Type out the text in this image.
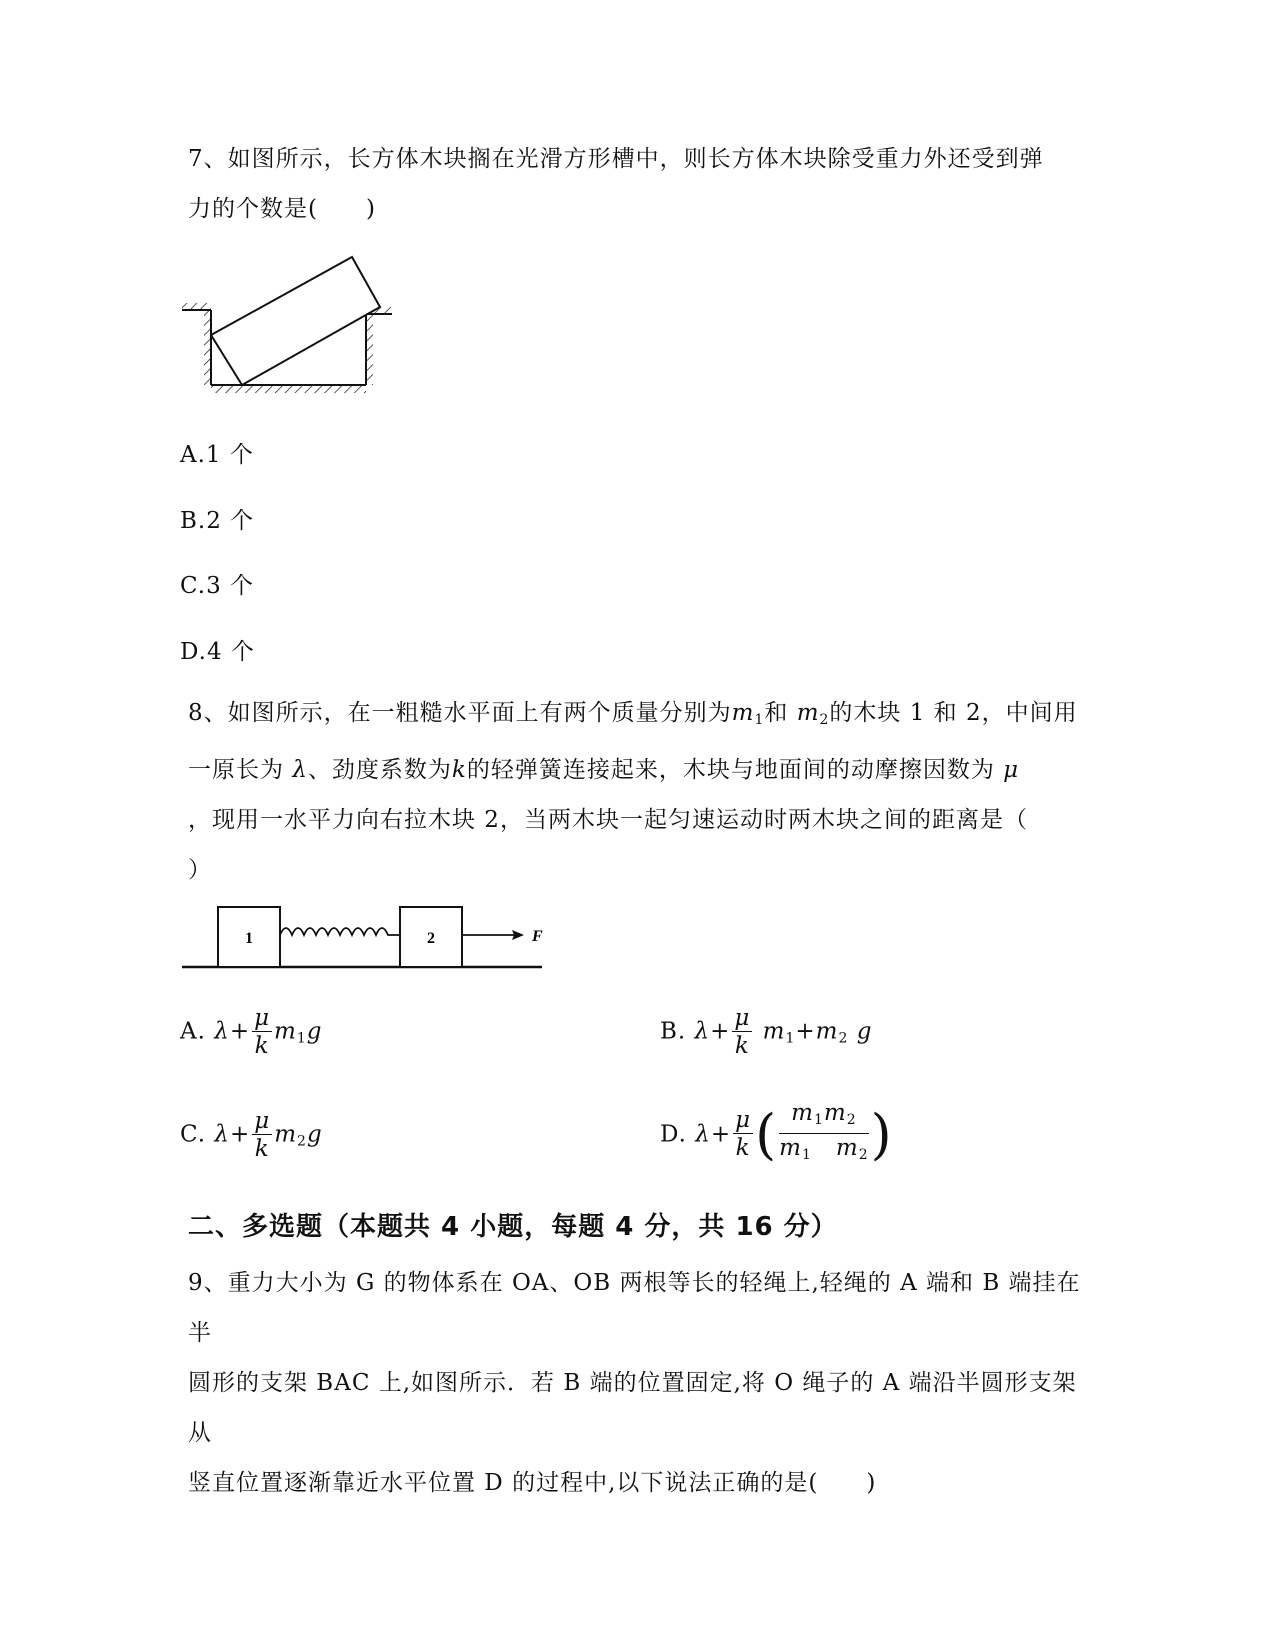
7、如图所示，长方体木块搁在光滑方形槽中，则长方体木块除受重力外还受到弹
力的个数是(　　)
A.1 个
B.2 个
C.3 个
D.4 个
8、如图所示，在一粗糙水平面上有两个质量分别为$m_1$和 $m_2$的木块 1 和 2，中间用
一原长为 λ、劲度系数为k的轻弹簧连接起来，木块与地面间的动摩擦因数为 μ
，现用一水平力向右拉木块 2，当两木块一起匀速运动时两木块之间的距离是（
）
1	2	F
A. $\lambda+ \frac{\mu}{k} m_1g$	B. $\lambda+ \frac{\mu}{k} m_1+m_2$ g
C. $\lambda+ \frac{\mu}{k} m_2g$	D. $\lambda+ \frac{\mu}{k}$ ( $\frac{m_1m_2}{m_1 m_2}$ )
二、多选题（本题共 4 小题，每题 4 分，共 16 分）
9、重力大小为 G 的物体系在 OA、OB 两根等长的轻绳上,轻绳的 A 端和 B 端挂在半
圆形的支架 BAC 上,如图所示．若 B 端的位置固定,将 O 绳子的 A 端沿半圆形支架从
竖直位置逐渐靠近水平位置 D 的过程中,以下说法正确的是(　　)
